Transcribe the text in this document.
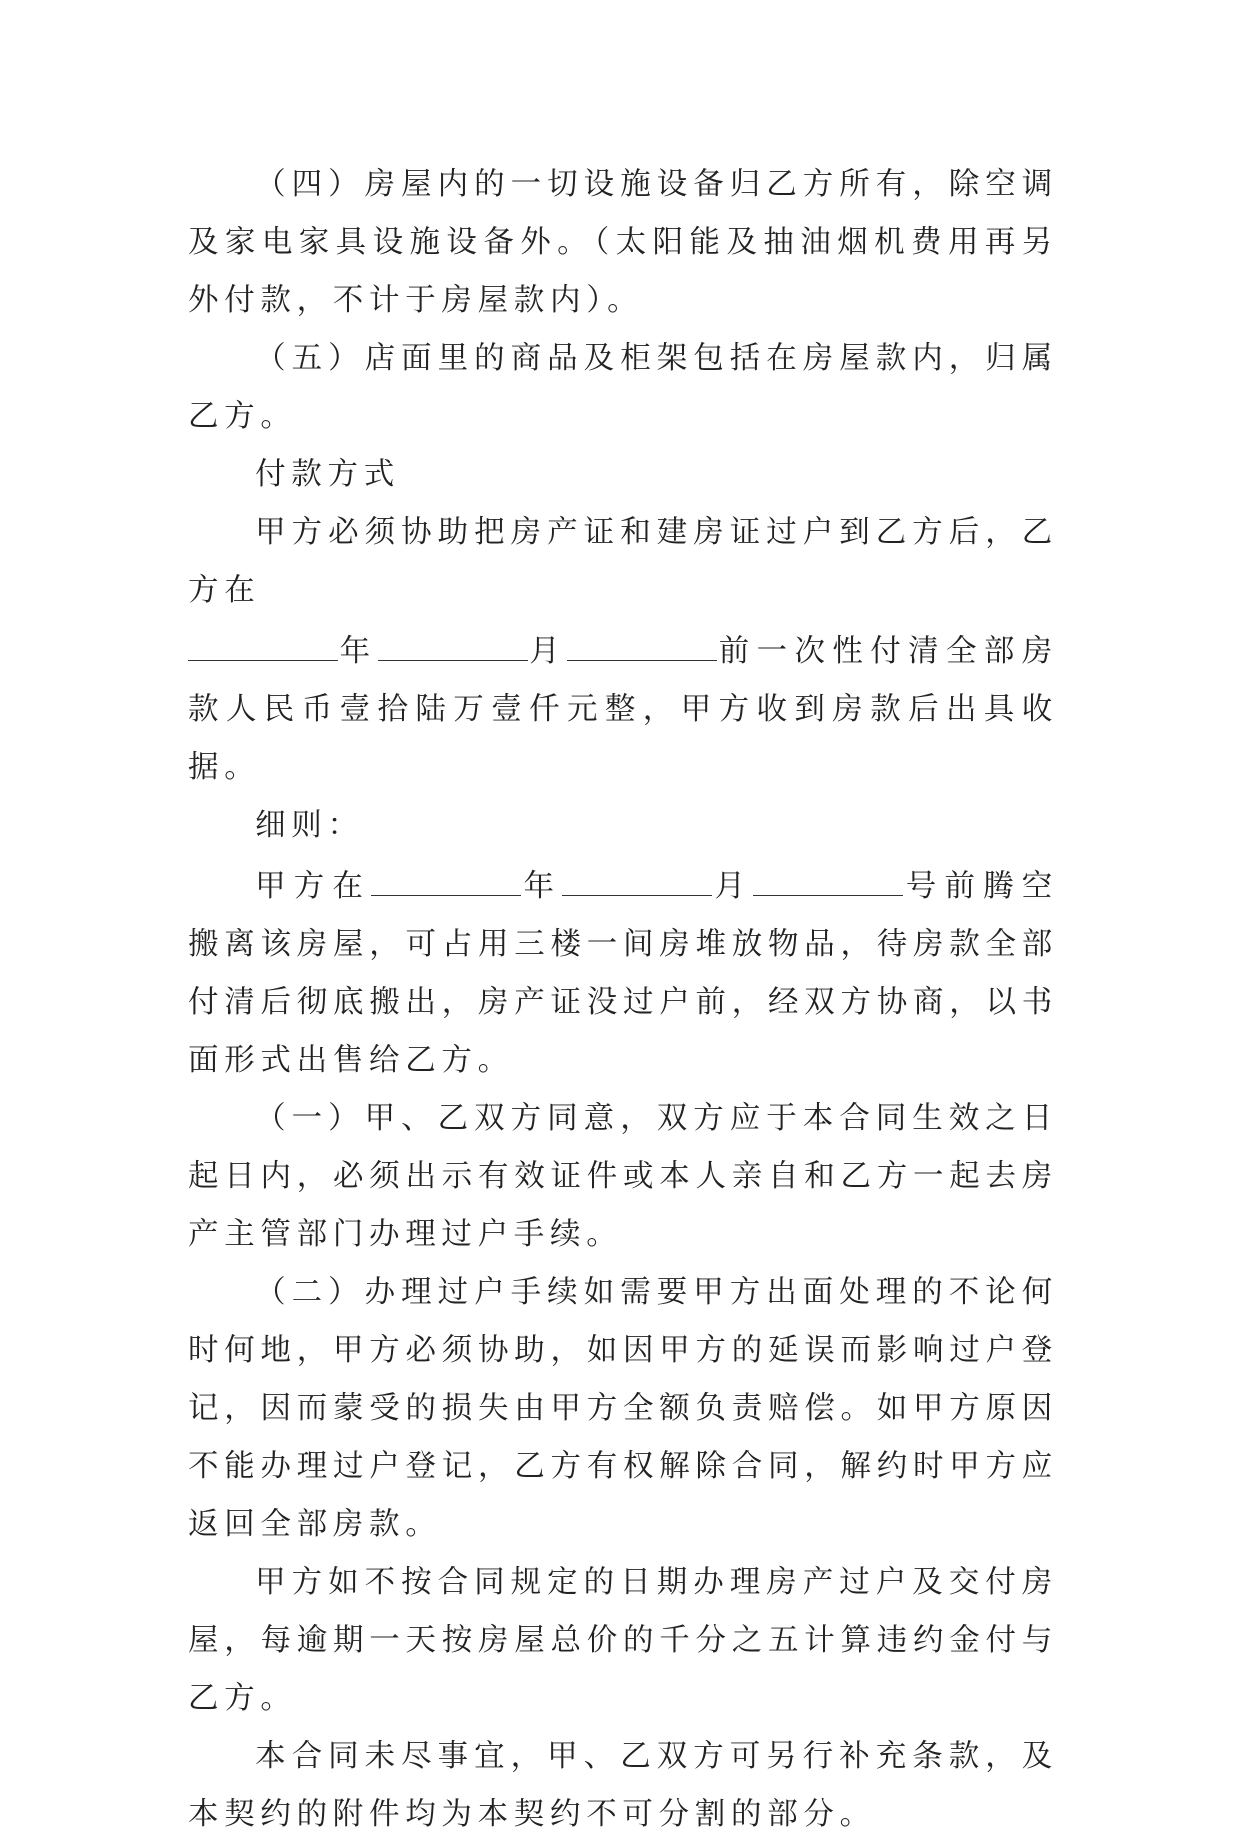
（四）房屋内的一切设施设备归乙方所有，除空调及家电家具设施设备外。（太阳能及抽油烟机费用再另外付款，不计于房屋款内）。

（五）店面里的商品及柜架包括在房屋款内，归属乙方。

付款方式

甲方必须协助把房产证和建房证过户到乙方后，乙方在
年	月	前一次性付清全部房款人民币壹拾陆万壹仟元整，甲方收到房款后出具收据。

细则：

甲方在	年	月	号前腾空搬离该房屋，可占用三楼一间房堆放物品，待房款全部付清后彻底搬出，房产证没过户前，经双方协商，以书面形式出售给乙方。

（一）甲、乙双方同意，双方应于本合同生效之日起日内，必须出示有效证件或本人亲自和乙方一起去房产主管部门办理过户手续。

（二）办理过户手续如需要甲方出面处理的不论何时何地，甲方必须协助，如因甲方的延误而影响过户登记，因而蒙受的损失由甲方全额负责赔偿。如甲方原因不能办理过户登记，乙方有权解除合同，解约时甲方应返回全部房款。

甲方如不按合同规定的日期办理房产过户及交付房屋，每逾期一天按房屋总价的千分之五计算违约金付与乙方。

本合同未尽事宜，甲、乙双方可另行补充条款，及本契约的附件均为本契约不可分割的部分。
